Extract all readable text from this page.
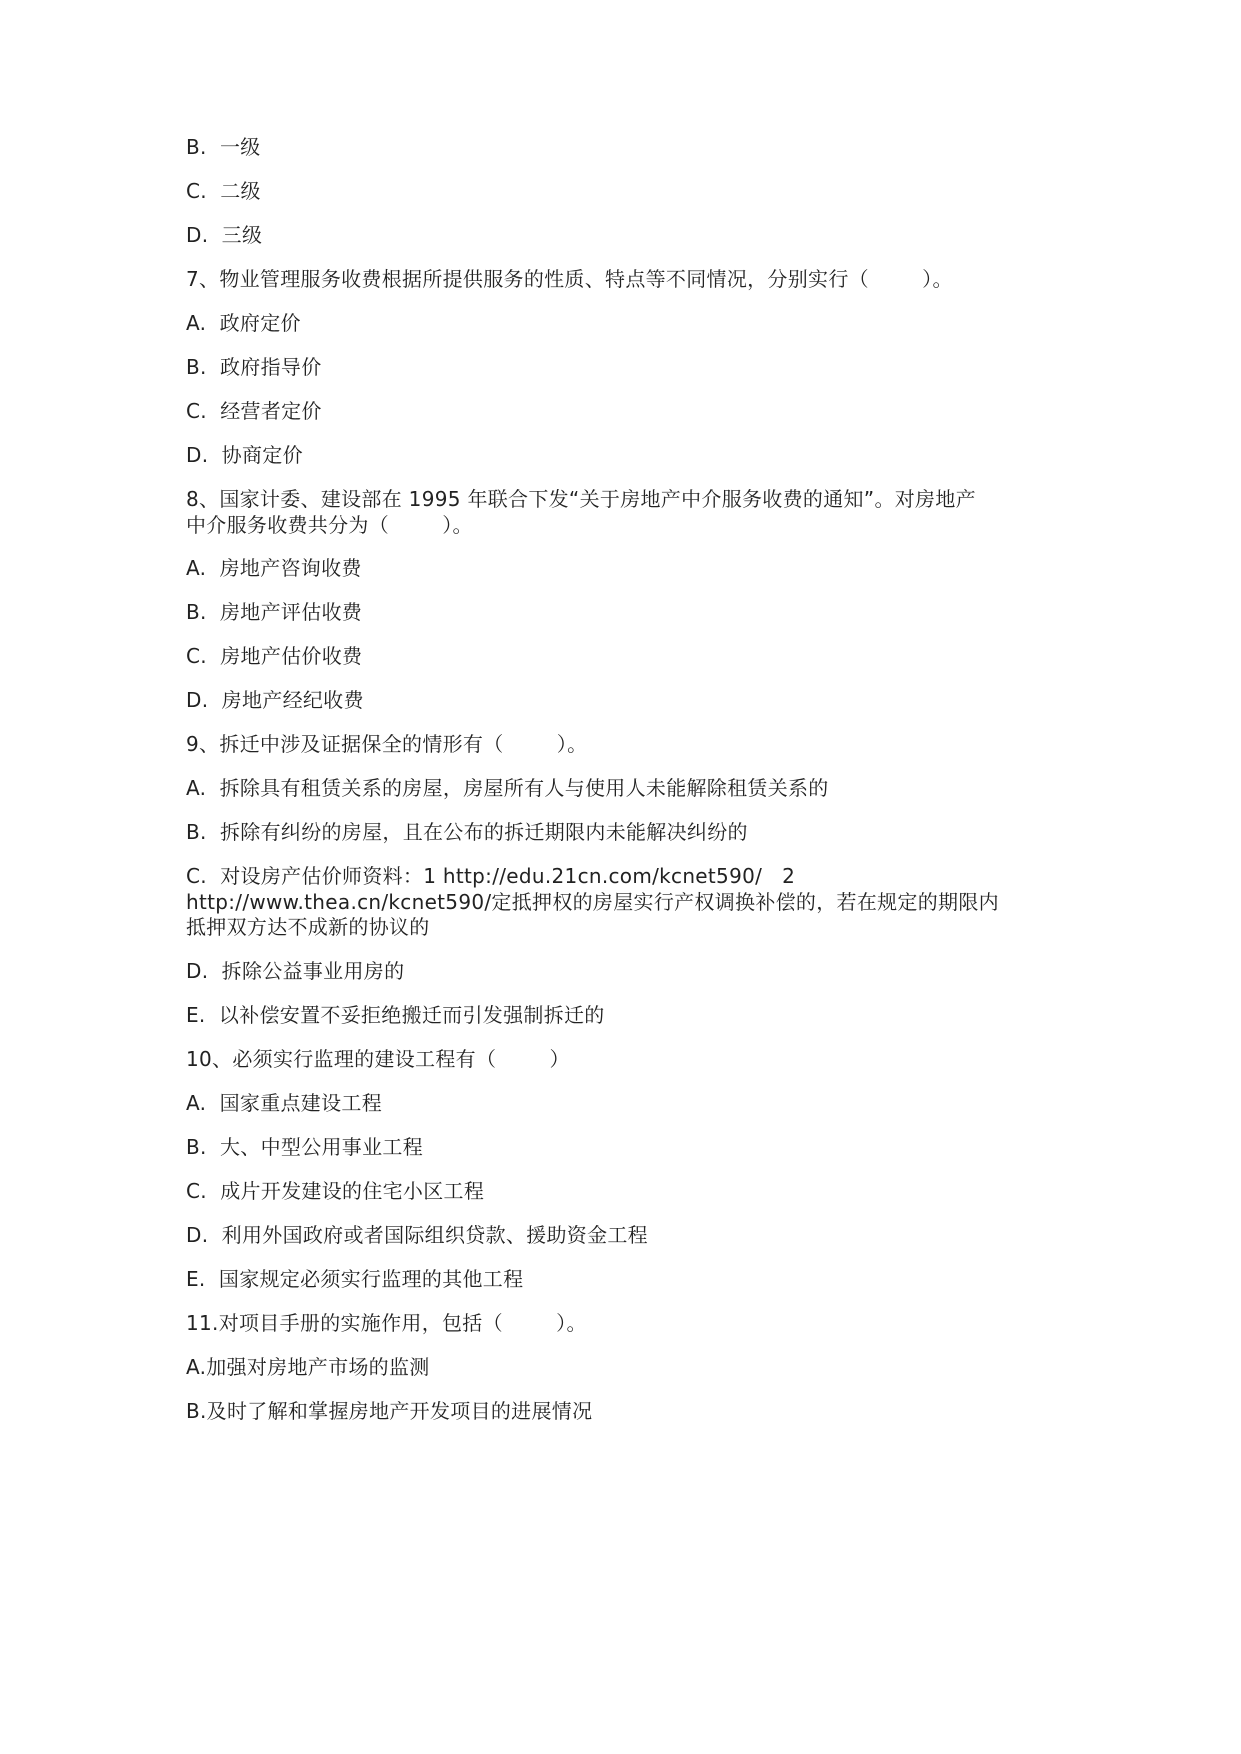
B.  一级
C.  二级
D.  三级
7、物业管理服务收费根据所提供服务的性质、特点等不同情况，分别实行（        ）。
A.  政府定价
B.  政府指导价
C.  经营者定价
D.  协商定价
8、国家计委、建设部在 1995 年联合下发“关于房地产中介服务收费的通知”。对房地产
中介服务收费共分为（        ）。
A.  房地产咨询收费
B.  房地产评估收费
C.  房地产估价收费
D.  房地产经纪收费
9、拆迁中涉及证据保全的情形有（        ）。
A.  拆除具有租赁关系的房屋，房屋所有人与使用人未能解除租赁关系的
B.  拆除有纠纷的房屋，且在公布的拆迁期限内未能解决纠纷的
C.  对设房产估价师资料：1 http://edu.21cn.com/kcnet590/   2
http://www.thea.cn/kcnet590/定抵押权的房屋实行产权调换补偿的，若在规定的期限内
抵押双方达不成新的协议的
D.  拆除公益事业用房的
E.  以补偿安置不妥拒绝搬迁而引发强制拆迁的
10、必须实行监理的建设工程有（        ）
A.  国家重点建设工程
B.  大、中型公用事业工程
C.  成片开发建设的住宅小区工程
D.  利用外国政府或者国际组织贷款、援助资金工程
E.  国家规定必须实行监理的其他工程
11.对项目手册的实施作用，包括（        ）。
A.加强对房地产市场的监测
B.及时了解和掌握房地产开发项目的进展情况
